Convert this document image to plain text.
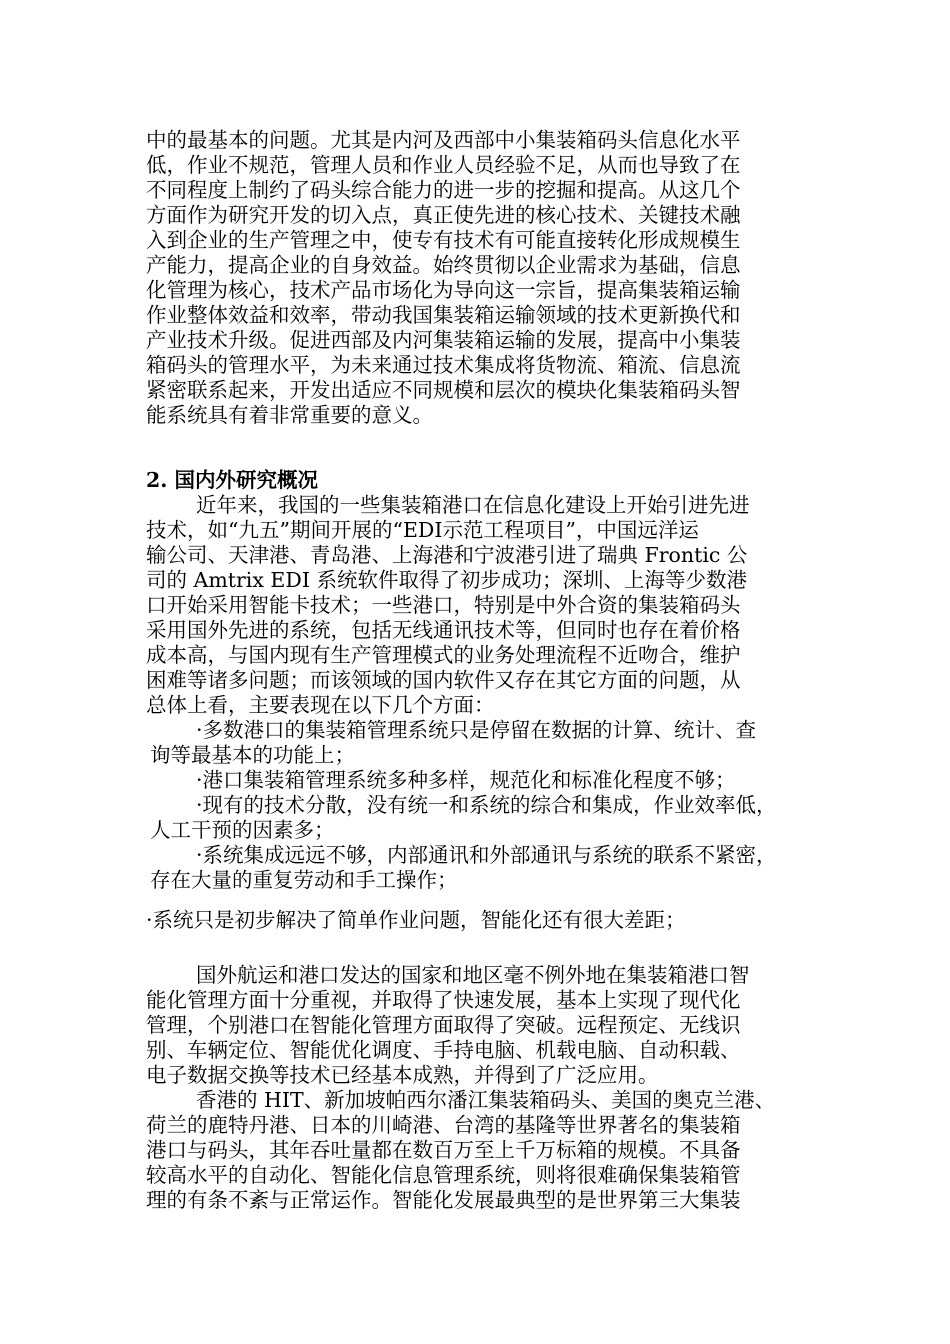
中的最基本的问题。尤其是内河及西部中小集装箱码头信息化水平
低，作业不规范，管理人员和作业人员经验不足，从而也导致了在
不同程度上制约了码头综合能力的进一步的挖掘和提高。从这几个
方面作为研究开发的切入点，真正使先进的核心技术、关键技术融
入到企业的生产管理之中，使专有技术有可能直接转化形成规模生
产能力，提高企业的自身效益。始终贯彻以企业需求为基础，信息
化管理为核心，技术产品市场化为导向这一宗旨，提高集装箱运输
作业整体效益和效率，带动我国集装箱运输领域的技术更新换代和
产业技术升级。促进西部及内河集装箱运输的发展，提高中小集装
箱码头的管理水平，为未来通过技术集成将货物流、箱流、信息流
紧密联系起来，开发出适应不同规模和层次的模块化集装箱码头智
能系统具有着非常重要的意义。
2. 国内外研究概况
近年来，我国的一些集装箱港口在信息化建设上开始引进先进
技术，如“九五”期间开展的“EDI示范工程项目”，中国远洋运
输公司、天津港、青岛港、上海港和宁波港引进了瑞典 Frontic 公
司的 Amtrix EDI 系统软件取得了初步成功；深圳、上海等少数港
口开始采用智能卡技术；一些港口，特别是中外合资的集装箱码头
采用国外先进的系统，包括无线通讯技术等，但同时也存在着价格
成本高，与国内现有生产管理模式的业务处理流程不近吻合，维护
困难等诸多问题；而该领域的国内软件又存在其它方面的问题，从
总体上看，主要表现在以下几个方面：
·多数港口的集装箱管理系统只是停留在数据的计算、统计、查
询等最基本的功能上；
·港口集装箱管理系统多种多样，规范化和标准化程度不够；
·现有的技术分散，没有统一和系统的综合和集成，作业效率低，
人工干预的因素多；
·系统集成远远不够，内部通讯和外部通讯与系统的联系不紧密，
存在大量的重复劳动和手工操作；
·系统只是初步解决了简单作业问题，智能化还有很大差距；
国外航运和港口发达的国家和地区毫不例外地在集装箱港口智
能化管理方面十分重视，并取得了快速发展，基本上实现了现代化
管理，个别港口在智能化管理方面取得了突破。远程预定、无线识
别、车辆定位、智能优化调度、手持电脑、机载电脑、自动积载、
电子数据交换等技术已经基本成熟，并得到了广泛应用。
香港的 HIT、新加坡帕西尔潘江集装箱码头、美国的奥克兰港、
荷兰的鹿特丹港、日本的川崎港、台湾的基隆等世界著名的集装箱
港口与码头，其年吞吐量都在数百万至上千万标箱的规模。不具备
较高水平的自动化、智能化信息管理系统，则将很难确保集装箱管
理的有条不紊与正常运作。智能化发展最典型的是世界第三大集装
